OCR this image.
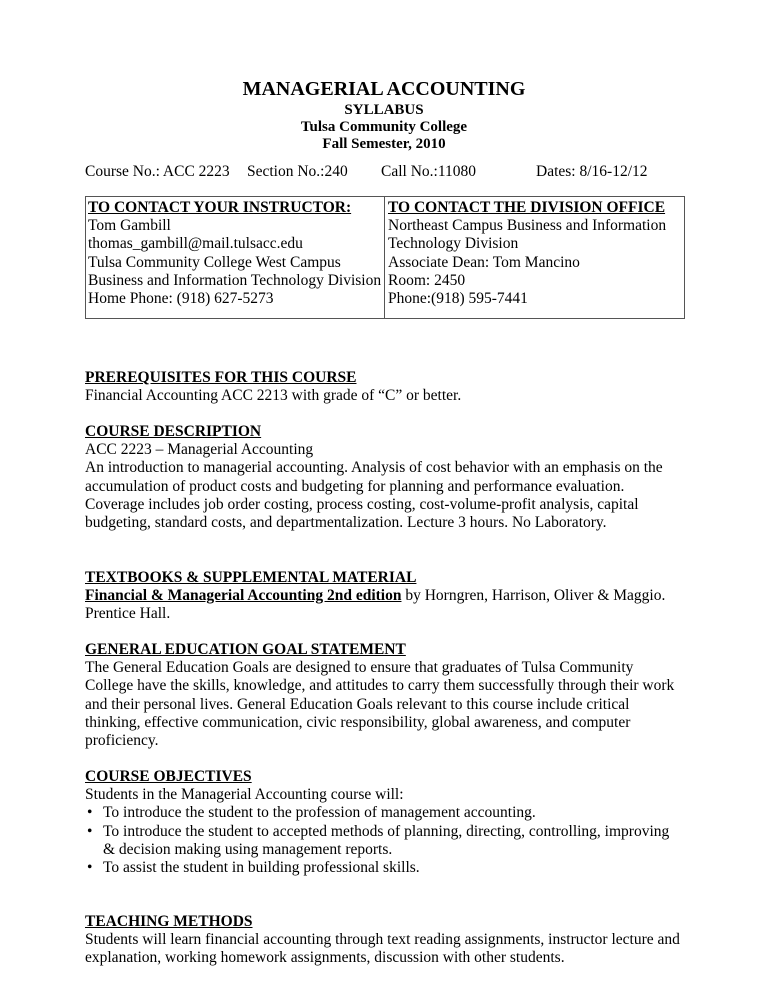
MANAGERIAL ACCOUNTING
SYLLABUS
Tulsa Community College
Fall Semester, 2010
Course No.: ACC 2223 Section No.:240 Call No.:11080	Dates: 8/16-12/12
TO CONTACT YOUR INSTRUCTOR:
Tom Gambill
thomas_gambill@mail.tulsacc.edu
Tulsa Community College West Campus
Business and Information Technology Division
Home Phone: (918) 627-5273
TO CONTACT THE DIVISION OFFICE
Northeast Campus Business and Information Technology Division
Associate Dean: Tom Mancino
Room: 2450
Phone:(918) 595-7441
PREREQUISITES FOR THIS COURSE
Financial Accounting ACC 2213 with grade of “C” or better.
COURSE DESCRIPTION
ACC 2223 – Managerial Accounting
An introduction to managerial accounting. Analysis of cost behavior with an emphasis on the accumulation of product costs and budgeting for planning and performance evaluation. Coverage includes job order costing, process costing, cost-volume-profit analysis, capital budgeting, standard costs, and departmentalization. Lecture 3 hours. No Laboratory.
TEXTBOOKS & SUPPLEMENTAL MATERIAL
Financial & Managerial Accounting 2nd edition by Horngren, Harrison, Oliver & Maggio. Prentice Hall.
GENERAL EDUCATION GOAL STATEMENT
The General Education Goals are designed to ensure that graduates of Tulsa Community College have the skills, knowledge, and attitudes to carry them successfully through their work and their personal lives. General Education Goals relevant to this course include critical thinking, effective communication, civic responsibility, global awareness, and computer proficiency.
COURSE OBJECTIVES
Students in the Managerial Accounting course will:
• To introduce the student to the profession of management accounting.
• To introduce the student to accepted methods of planning, directing, controlling, improving & decision making using management reports.
• To assist the student in building professional skills.
TEACHING METHODS
Students will learn financial accounting through text reading assignments, instructor lecture and explanation, working homework assignments, discussion with other students.
